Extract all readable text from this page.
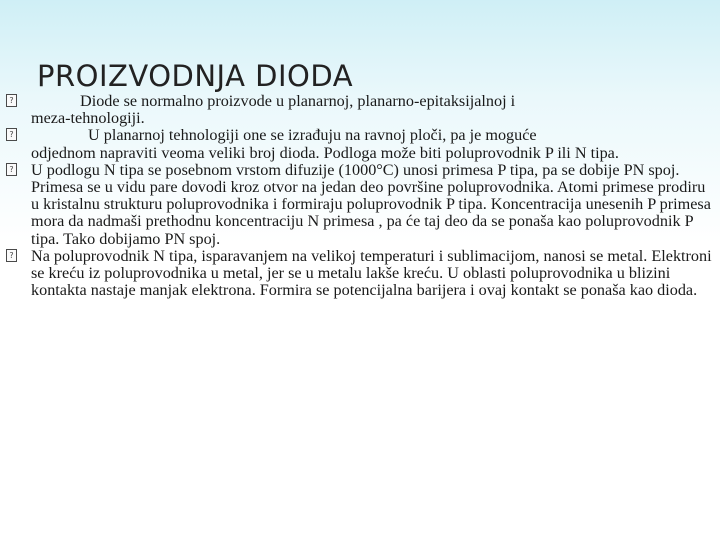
PROIZVODNJA DIODA
?
Diode se normalno proizvode u planarnoj, planarno-epitaksijalnoj i
meza-tehnologiji.
?
U planarnoj tehnologiji one se izrađuju na ravnoj ploči, pa je moguće
odjednom napraviti veoma veliki broj dioda. Podloga može biti poluprovodnik P ili N tipa.
?
U podlogu N tipa se posebnom vrstom difuzije (1000°C) unosi primesa P tipa, pa se dobije PN spoj. Primesa se u vidu pare dovodi kroz otvor na jedan deo površine poluprovodnika. Atomi primese prodiru u kristalnu strukturu poluprovodnika i formiraju poluprovodnik P tipa. Koncentracija unesenih P primesa mora da nadmaši prethodnu koncentraciju N primesa , pa će taj deo da se ponaša kao poluprovodnik P tipa. Tako dobijamo PN spoj.
?
Na poluprovodnik N tipa, isparavanjem na velikoj temperaturi i sublimacijom, nanosi se metal. Elektroni se kreću iz poluprovodnika u metal, jer se u metalu lakše kreću. U oblasti poluprovodnika u blizini kontakta nastaje manjak elektrona. Formira se potencijalna barijera i ovaj kontakt se ponaša kao dioda.
